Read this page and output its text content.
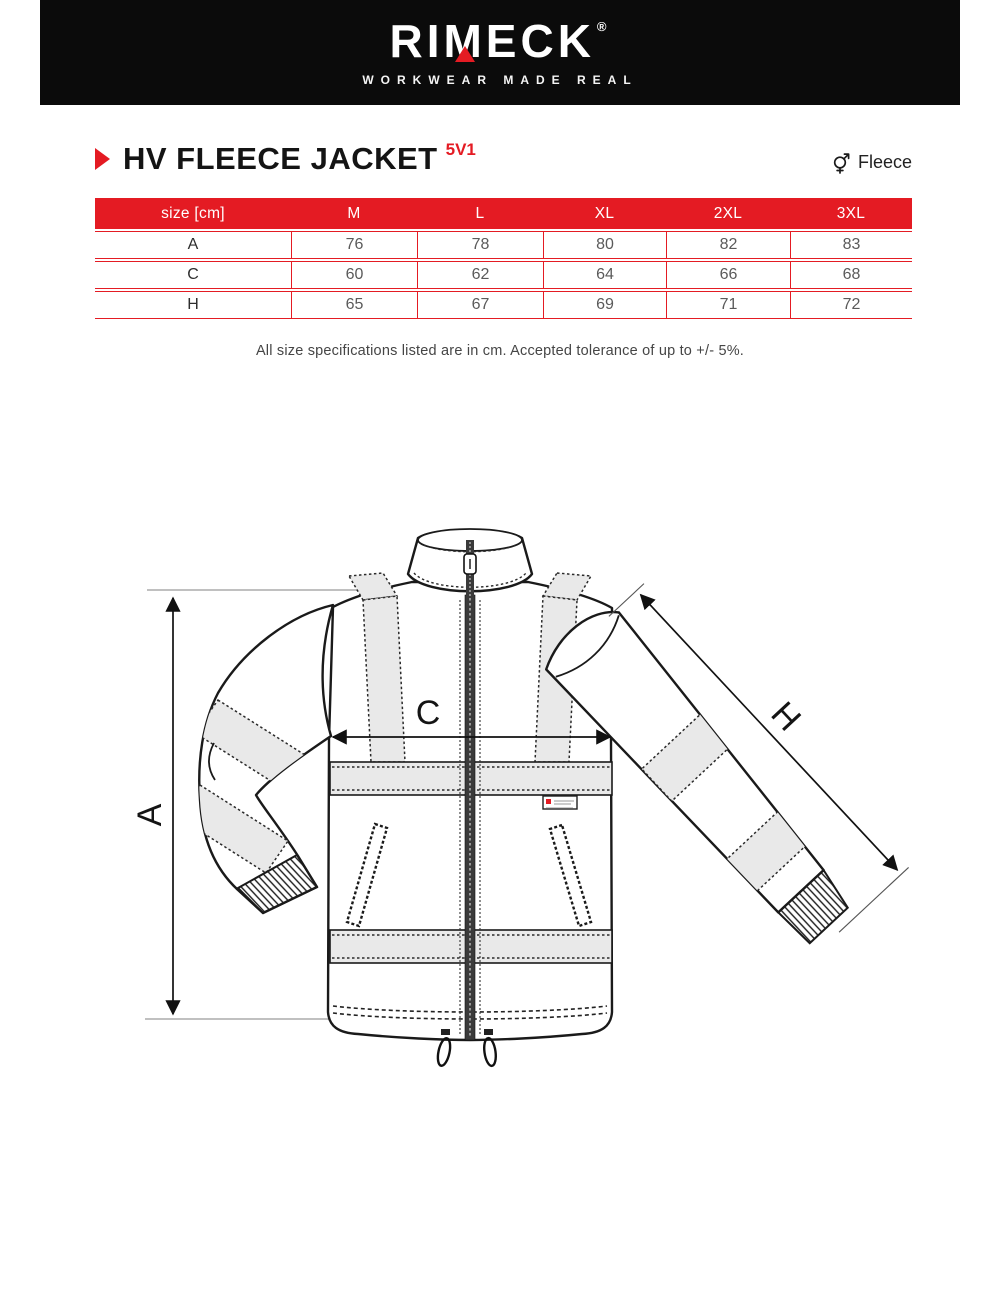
RI M ECK ®
WORKWEAR MADE REAL
HV FLEECE JACKET 5V1
Fleece
size [cm]	M	L	XL	2XL	3XL
A	76	78	80	82	83
C	60	62	64	66	68
H	65	67	69	71	72
All size specifications listed are in cm. Accepted tolerance of up to +/- 5%.
H
A
C
